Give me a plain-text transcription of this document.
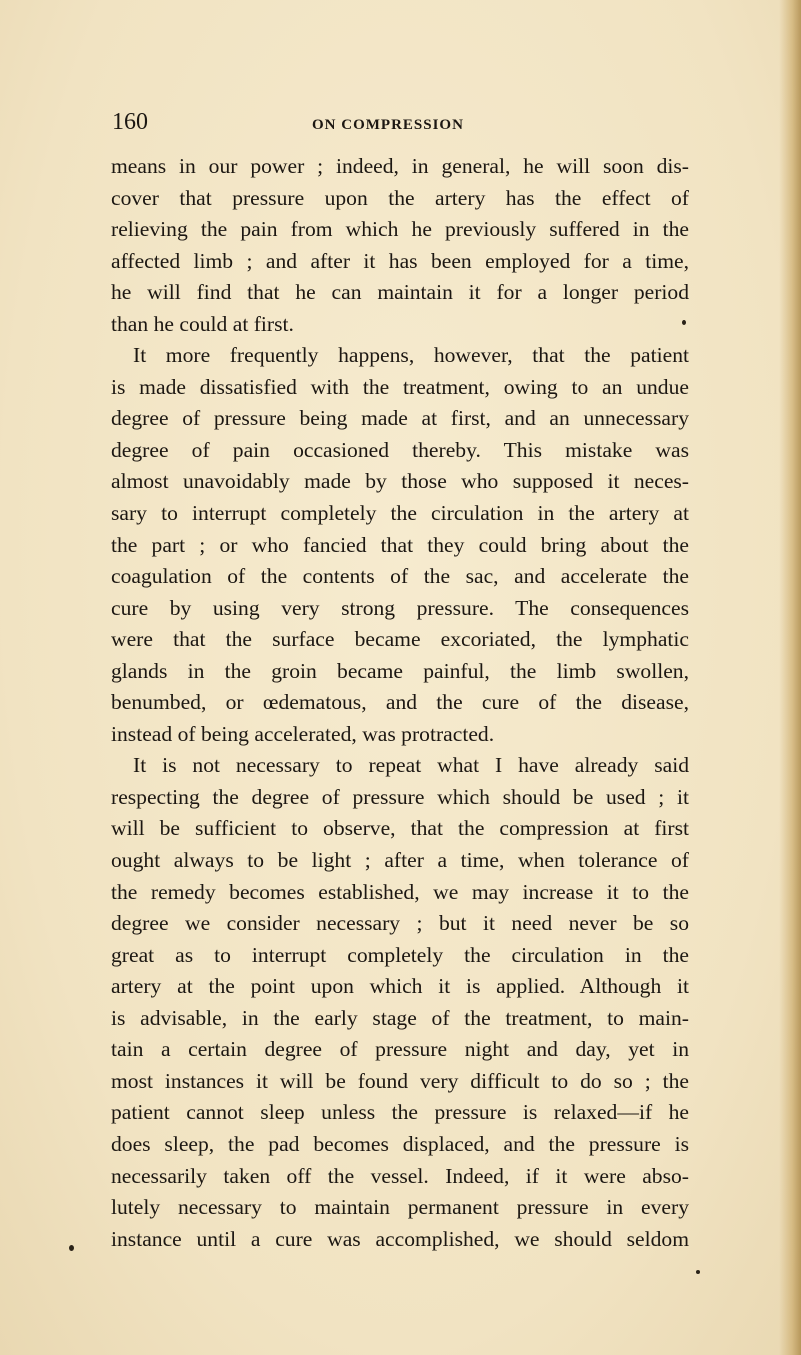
160	ON COMPRESSION
means in our power ; indeed, in general, he will soon dis-
cover that pressure upon the artery has the effect of
relieving the pain from which he previously suffered in the
affected limb ; and after it has been employed for a time,
he will find that he can maintain it for a longer period
than he could at first.
It more frequently happens, however, that the patient
is made dissatisfied with the treatment, owing to an undue
degree of pressure being made at first, and an unnecessary
degree of pain occasioned thereby. This mistake was
almost unavoidably made by those who supposed it neces-
sary to interrupt completely the circulation in the artery at
the part ; or who fancied that they could bring about the
coagulation of the contents of the sac, and accelerate the
cure by using very strong pressure. The consequences
were that the surface became excoriated, the lymphatic
glands in the groin became painful, the limb swollen,
benumbed, or œdematous, and the cure of the disease,
instead of being accelerated, was protracted.
It is not necessary to repeat what I have already said
respecting the degree of pressure which should be used ; it
will be sufficient to observe, that the compression at first
ought always to be light ; after a time, when tolerance of
the remedy becomes established, we may increase it to the
degree we consider necessary ; but it need never be so
great as to interrupt completely the circulation in the
artery at the point upon which it is applied. Although it
is advisable, in the early stage of the treatment, to main-
tain a certain degree of pressure night and day, yet in
most instances it will be found very difficult to do so ; the
patient cannot sleep unless the pressure is relaxed—if he
does sleep, the pad becomes displaced, and the pressure is
necessarily taken off the vessel. Indeed, if it were abso-
lutely necessary to maintain permanent pressure in every
instance until a cure was accomplished, we should seldom
